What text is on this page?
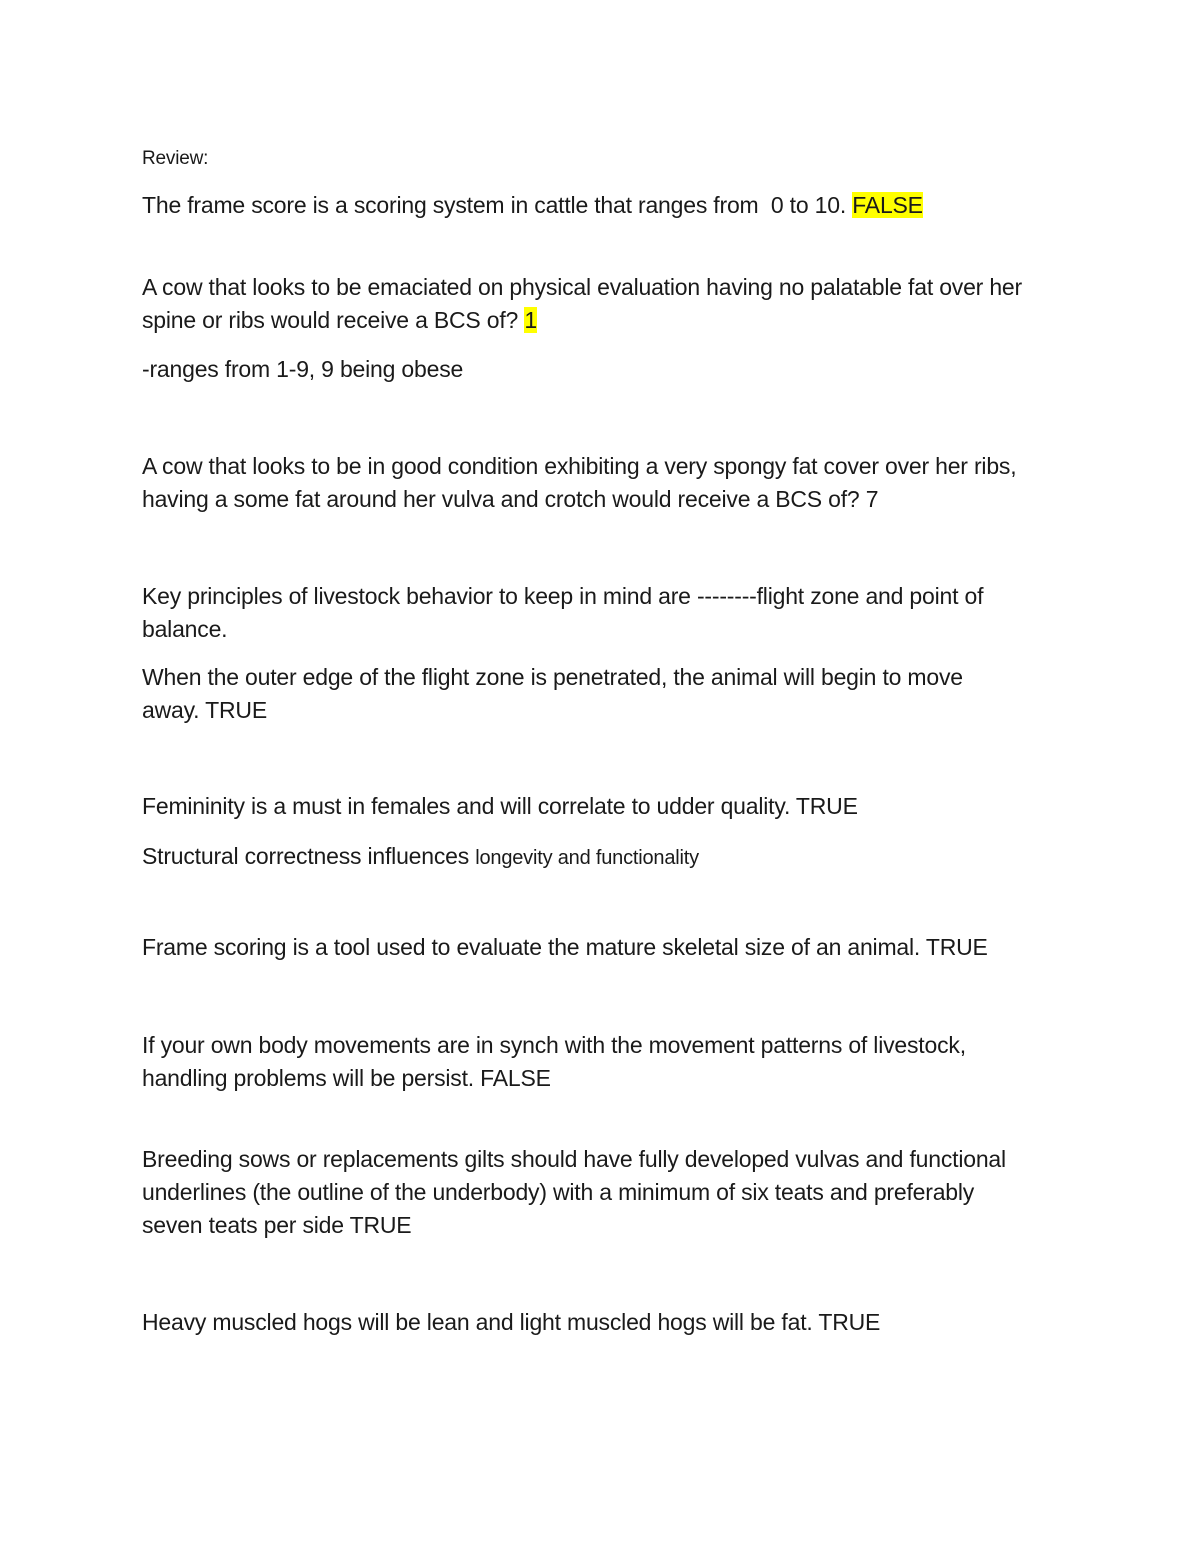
Review:
The frame score is a scoring system in cattle that ranges from  0 to 10. FALSE
A cow that looks to be emaciated on physical evaluation having no palatable fat over her
spine or ribs would receive a BCS of? 1
-ranges from 1-9, 9 being obese
A cow that looks to be in good condition exhibiting a very spongy fat cover over her ribs,
having a some fat around her vulva and crotch would receive a BCS of? 7
Key principles of livestock behavior to keep in mind are --------flight zone and point of
balance.
When the outer edge of the flight zone is penetrated, the animal will begin to move
away. TRUE
Femininity is a must in females and will correlate to udder quality. TRUE
Structural correctness influences longevity and functionality
Frame scoring is a tool used to evaluate the mature skeletal size of an animal. TRUE
If your own body movements are in synch with the movement patterns of livestock,
handling problems will be persist. FALSE
Breeding sows or replacements gilts should have fully developed vulvas and functional
underlines (the outline of the underbody) with a minimum of six teats and preferably
seven teats per side TRUE
Heavy muscled hogs will be lean and light muscled hogs will be fat. TRUE
